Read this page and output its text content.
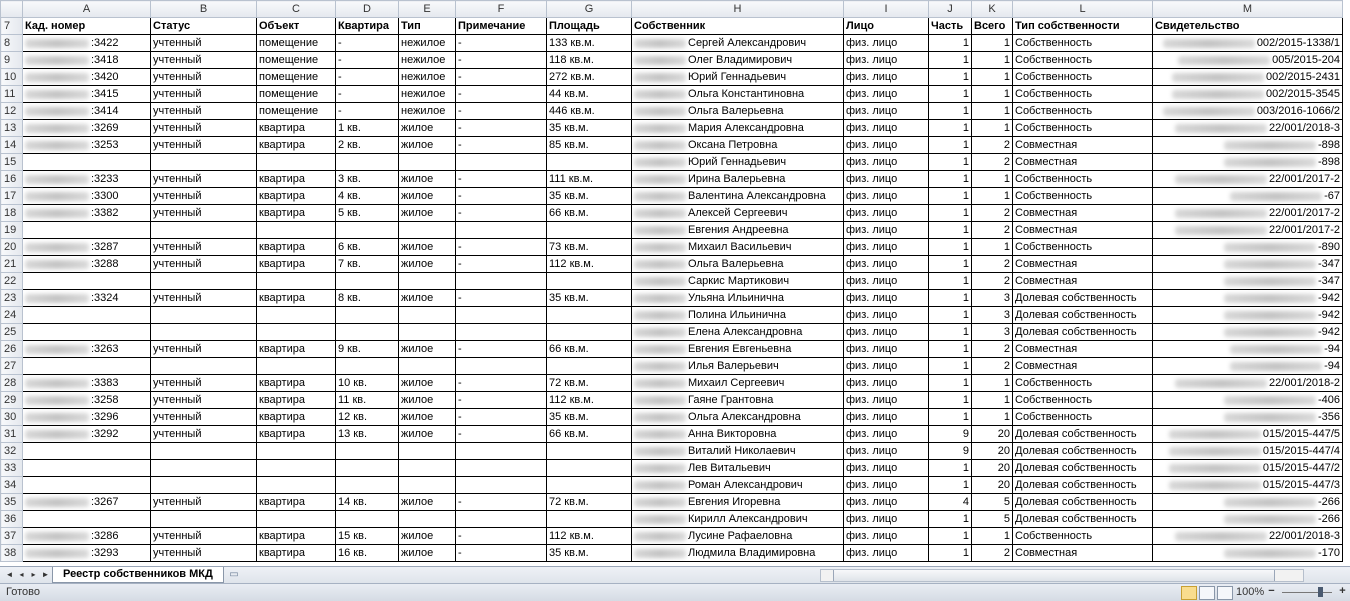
	A	B	C	D	E	F	G	H	I	J	K	L	M
7	Кад. номер	Статус	Объект	Квартира	Тип	Примечание	Площадь	Собственник	Лицо	Часть	Всего	Тип собственности	Свидетельство
8	:3422	учтенный	помещение	-	нежилое	-	133 кв.м.	Сергей Александрович	физ. лицо	1	1	Собственность	002/2015-1338/1
9	:3418	учтенный	помещение	-	нежилое	-	118 кв.м.	Олег Владимирович	физ. лицо	1	1	Собственность	005/2015-204
10	:3420	учтенный	помещение	-	нежилое	-	272 кв.м.	Юрий Геннадьевич	физ. лицо	1	1	Собственность	002/2015-2431
11	:3415	учтенный	помещение	-	нежилое	-	44 кв.м.	Ольга Константиновна	физ. лицо	1	1	Собственность	002/2015-3545
12	:3414	учтенный	помещение	-	нежилое	-	446 кв.м.	Ольга Валерьевна	физ. лицо	1	1	Собственность	003/2016-1066/2
13	:3269	учтенный	квартира	1 кв.	жилое	-	35 кв.м.	Мария Александровна	физ. лицо	1	1	Собственность	22/001/2018-3
14	:3253	учтенный	квартира	2 кв.	жилое	-	85 кв.м.	Оксана Петровна	физ. лицо	1	2	Совместная	-898
15								Юрий Геннадьевич	физ. лицо	1	2	Совместная	-898
16	:3233	учтенный	квартира	3 кв.	жилое	-	111 кв.м.	Ирина Валерьевна	физ. лицо	1	1	Собственность	22/001/2017-2
17	:3300	учтенный	квартира	4 кв.	жилое	-	35 кв.м.	Валентина Александровна	физ. лицо	1	1	Собственность	-67
18	:3382	учтенный	квартира	5 кв.	жилое	-	66 кв.м.	Алексей Сергеевич	физ. лицо	1	2	Совместная	22/001/2017-2
19								Евгения Андреевна	физ. лицо	1	2	Совместная	22/001/2017-2
20	:3287	учтенный	квартира	6 кв.	жилое	-	73 кв.м.	Михаил Васильевич	физ. лицо	1	1	Собственность	-890
21	:3288	учтенный	квартира	7 кв.	жилое	-	112 кв.м.	Ольга Валерьевна	физ. лицо	1	2	Совместная	-347
22								Саркис Мартикович	физ. лицо	1	2	Совместная	-347
23	:3324	учтенный	квартира	8 кв.	жилое	-	35 кв.м.	Ульяна Ильинична	физ. лицо	1	3	Долевая собственность	-942
24								Полина Ильинична	физ. лицо	1	3	Долевая собственность	-942
25								Елена Александровна	физ. лицо	1	3	Долевая собственность	-942
26	:3263	учтенный	квартира	9 кв.	жилое	-	66 кв.м.	Евгения Евгеньевна	физ. лицо	1	2	Совместная	-94
27								Илья Валерьевич	физ. лицо	1	2	Совместная	-94
28	:3383	учтенный	квартира	10 кв.	жилое	-	72 кв.м.	Михаил Сергеевич	физ. лицо	1	1	Собственность	22/001/2018-2
29	:3258	учтенный	квартира	11 кв.	жилое	-	112 кв.м.	Гаяне Грантовна	физ. лицо	1	1	Собственность	-406
30	:3296	учтенный	квартира	12 кв.	жилое	-	35 кв.м.	Ольга Александровна	физ. лицо	1	1	Собственность	-356
31	:3292	учтенный	квартира	13 кв.	жилое	-	66 кв.м.	Анна Викторовна	физ. лицо	9	20	Долевая собственность	015/2015-447/5
32								Виталий Николаевич	физ. лицо	9	20	Долевая собственность	015/2015-447/4
33								Лев Витальевич	физ. лицо	1	20	Долевая собственность	015/2015-447/2
34								Роман Александрович	физ. лицо	1	20	Долевая собственность	015/2015-447/3
35	:3267	учтенный	квартира	14 кв.	жилое	-	72 кв.м.	Евгения Игоревна	физ. лицо	4	5	Долевая собственность	-266
36								Кирилл Александрович	физ. лицо	1	5	Долевая собственность	-266
37	:3286	учтенный	квартира	15 кв.	жилое	-	112 кв.м.	Лусине Рафаеловна	физ. лицо	1	1	Собственность	22/001/2018-3
38	:3293	учтенный	квартира	16 кв.	жилое	-	35 кв.м.	Людмила Владимировна	физ. лицо	1	2	Совместная	-170
◄ ◂ ▸ ►	Реестр собственников МКД	▭
Готово	100% −	+
